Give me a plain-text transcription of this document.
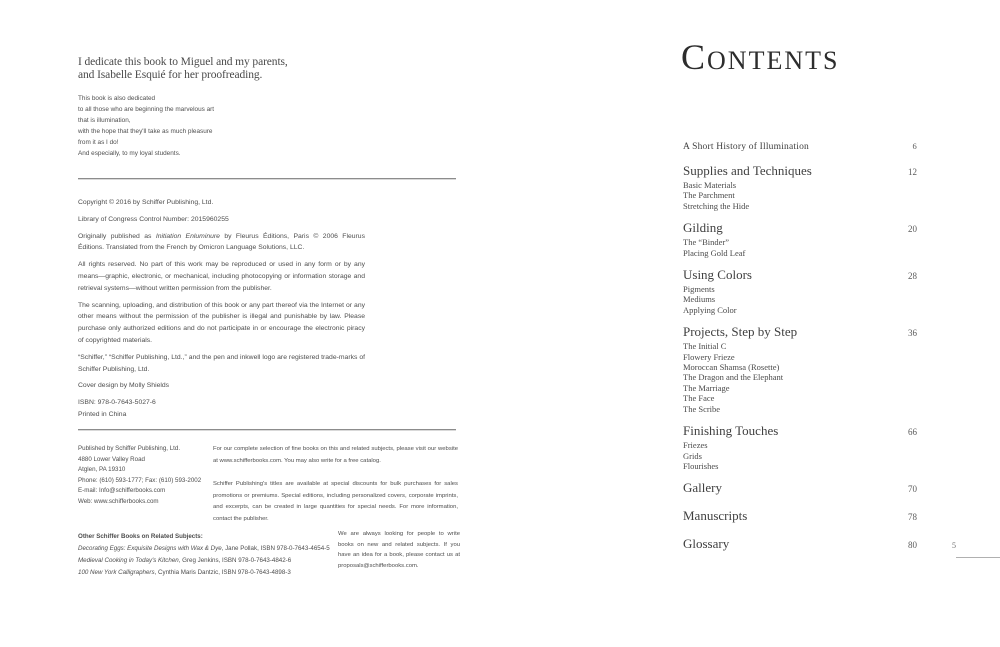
I dedicate this book to Miguel and my parents,
and Isabelle Esquié for her proofreading.

This book is also dedicated
to all those who are beginning the marvelous art
that is illumination,
with the hope that they'll take as much pleasure
from it as I do!
And especially, to my loyal students.

Copyright © 2016 by Schiffer Publishing, Ltd.

Library of Congress Control Number: 2015960255

Originally published as Initiation Enluminure by Fleurus Éditions, Paris © 2006 Fleurus Éditions. Translated from the French by Omicron Language Solutions, LLC.

All rights reserved. No part of this work may be reproduced or used in any form or by any means—graphic, electronic, or mechanical, including photocopying or information storage and retrieval systems—without written permission from the publisher.

The scanning, uploading, and distribution of this book or any part thereof via the Internet or any other means without the permission of the publisher is illegal and punishable by law. Please purchase only authorized editions and do not participate in or encourage the electronic piracy of copyrighted materials.

“Schiffer,” “Schiffer Publishing, Ltd.,” and the pen and inkwell logo are registered trade-marks of Schiffer Publishing, Ltd.

Cover design by Molly Shields

ISBN: 978-0-7643-5027-6
Printed in China

Published by Schiffer Publishing, Ltd.
4880 Lower Valley Road
Atglen, PA 19310
Phone: (610) 593-1777; Fax: (610) 593-2002
E-mail: Info@schifferbooks.com
Web: www.schifferbooks.com

For our complete selection of fine books on this and related subjects, please visit our website at www.schifferbooks.com. You may also write for a free catalog.

Schiffer Publishing's titles are available at special discounts for bulk purchases for sales promotions or premiums. Special editions, including personalized covers, corporate imprints, and excerpts, can be created in large quantities for special needs. For more information, contact the publisher.

Other Schiffer Books on Related Subjects:

Decorating Eggs: Exquisite Designs with Wax & Dye, Jane Pollak, ISBN 978-0-7643-4654-5

Medieval Cooking in Today's Kitchen, Greg Jenkins, ISBN 978-0-7643-4842-6

100 New York Calligraphers, Cynthia Maris Dantzic, ISBN 978-0-7643-4898-3

We are always looking for people to write books on new and related subjects. If you have an idea for a book, please contact us at proposals@schifferbooks.com.

CONTENTS
A Short History of Illumination	6
Supplies and Techniques	12
Basic Materials
The Parchment
Stretching the Hide
Gilding	20
The “Binder”
Placing Gold Leaf
Using Colors	28
Pigments
Mediums
Applying Color
Projects, Step by Step	36
The Initial C
Flowery Frieze
Moroccan Shamsa (Rosette)
The Dragon and the Elephant
The Marriage
The Face
The Scribe
Finishing Touches	66
Friezes
Grids
Flourishes
Gallery	70
Manuscripts	78
Glossary	80	5
